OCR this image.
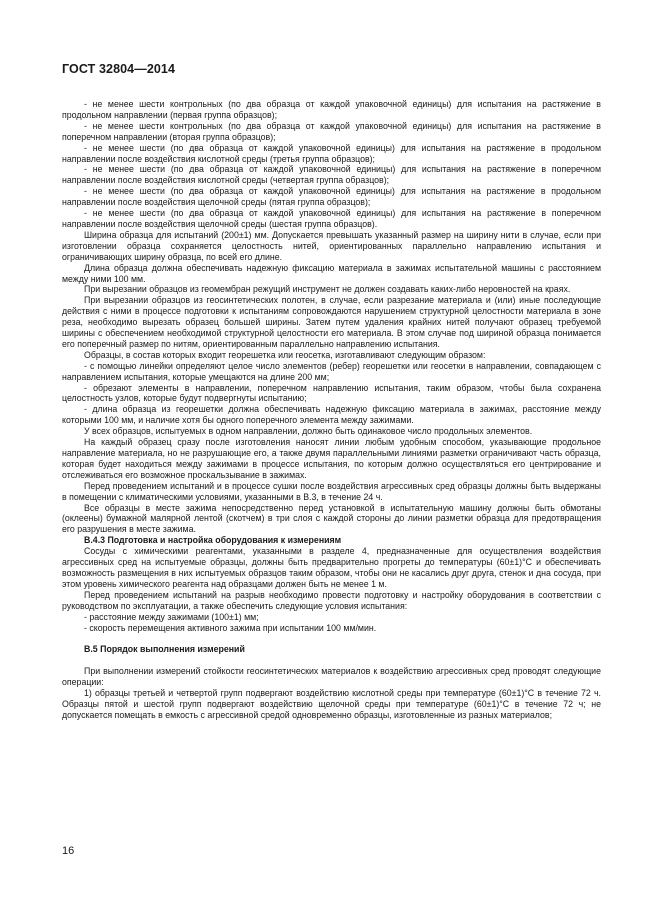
ГОСТ 32804—2014

- не менее шести контрольных (по два образца от каждой упаковочной единицы) для испытания на растяжение в продольном направлении (первая группа образцов);

- не менее шести контрольных (по два образца от каждой упаковочной единицы) для испытания на растяжение в поперечном направлении (вторая группа образцов);

- не менее шести (по два образца от каждой упаковочной единицы) для испытания на растяжение в продольном направлении после воздействия кислотной среды (третья группа образцов);

- не менее шести (по два образца от каждой упаковочной единицы) для испытания на растяжение в поперечном направлении после воздействия кислотной среды (четвертая группа образцов);

- не менее шести (по два образца от каждой упаковочной единицы) для испытания на растяжение в продольном направлении после воздействия щелочной среды (пятая группа образцов);

- не менее шести (по два образца от каждой упаковочной единицы) для испытания на растяжение в поперечном направлении после воздействия щелочной среды (шестая группа образцов).

Ширина образца для испытаний (200±1) мм. Допускается превышать указанный размер на ширину нити в случае, если при изготовлении образца сохраняется целостность нитей, ориентированных параллельно направлению испытания и ограничивающих ширину образца, по всей его длине.

Длина образца должна обеспечивать надежную фиксацию материала в зажимах испытательной машины с расстоянием между ними 100 мм.

При вырезании образцов из геомембран режущий инструмент не должен создавать каких-либо неровностей на краях.

При вырезании образцов из геосинтетических полотен, в случае, если разрезание материала и (или) иные последующие действия с ними в процессе подготовки к испытаниям сопровождаются нарушением структурной целостности материала в зоне реза, необходимо вырезать образец большей ширины. Затем путем удаления крайних нитей получают образец требуемой ширины с обеспечением необходимой структурной целостности его материала. В этом случае под шириной образца понимается его поперечный размер по нитям, ориентированным параллельно направлению испытания.

Образцы, в состав которых входит георешетка или геосетка, изготавливают следующим образом:

- с помощью линейки определяют целое число элементов (ребер) георешетки или геосетки в направлении, совпадающем с направлением испытания, которые умещаются на длине 200 мм;

- обрезают элементы в направлении, поперечном направлению испытания, таким образом, чтобы была сохранена целостность узлов, которые будут подвергнуты испытанию;

- длина образца из георешетки должна обеспечивать надежную фиксацию материала в зажимах, расстояние между которыми 100 мм, и наличие хотя бы одного поперечного элемента между зажимами.

У всех образцов, испытуемых в одном направлении, должно быть одинаковое число продольных элементов.

На каждый образец сразу после изготовления наносят линии любым удобным способом, указывающие продольное направление материала, но не разрушающие его, а также двумя параллельными линиями разметки ограничивают часть образца, которая будет находиться между зажимами в процессе испытания, по которым должно осуществляться его центрирование и отслеживаться его возможное проскальзывание в зажимах.

Перед проведением испытаний и в процессе сушки после воздействия агрессивных сред образцы должны быть выдержаны в помещении с климатическими условиями, указанными в В.3, в течение 24 ч.

Все образцы в месте зажима непосредственно перед установкой в испытательную машину должны быть обмотаны (оклеены) бумажной малярной лентой (скотчем) в три слоя с каждой стороны до линии разметки образца для предотвращения его разрушения в месте зажима.

В.4.3 Подготовка и настройка оборудования к измерениям

Сосуды с химическими реагентами, указанными в разделе 4, предназначенные для осуществления воздействия агрессивных сред на испытуемые образцы, должны быть предварительно прогреты до температуры (60±1)°С и обеспечивать возможность размещения в них испытуемых образцов таким образом, чтобы они не касались друг друга, стенок и дна сосуда, при этом уровень химического реагента над образцами должен быть не менее 1 м.

Перед проведением испытаний на разрыв необходимо провести подготовку и настройку оборудования в соответствии с руководством по эксплуатации, а также обеспечить следующие условия испытания:

- расстояние между зажимами (100±1) мм;

- скорость перемещения активного зажима при испытании 100 мм/мин.

В.5 Порядок выполнения измерений

При выполнении измерений стойкости геосинтетических материалов к воздействию агрессивных сред проводят следующие операции:

1) образцы третьей и четвертой групп подвергают воздействию кислотной среды при температуре (60±1)°С в течение 72 ч. Образцы пятой и шестой групп подвергают воздействию щелочной среды при температуре (60±1)°С в течение 72 ч; не допускается помещать в емкость с агрессивной средой одновременно образцы, изготовленные из разных материалов;

16
